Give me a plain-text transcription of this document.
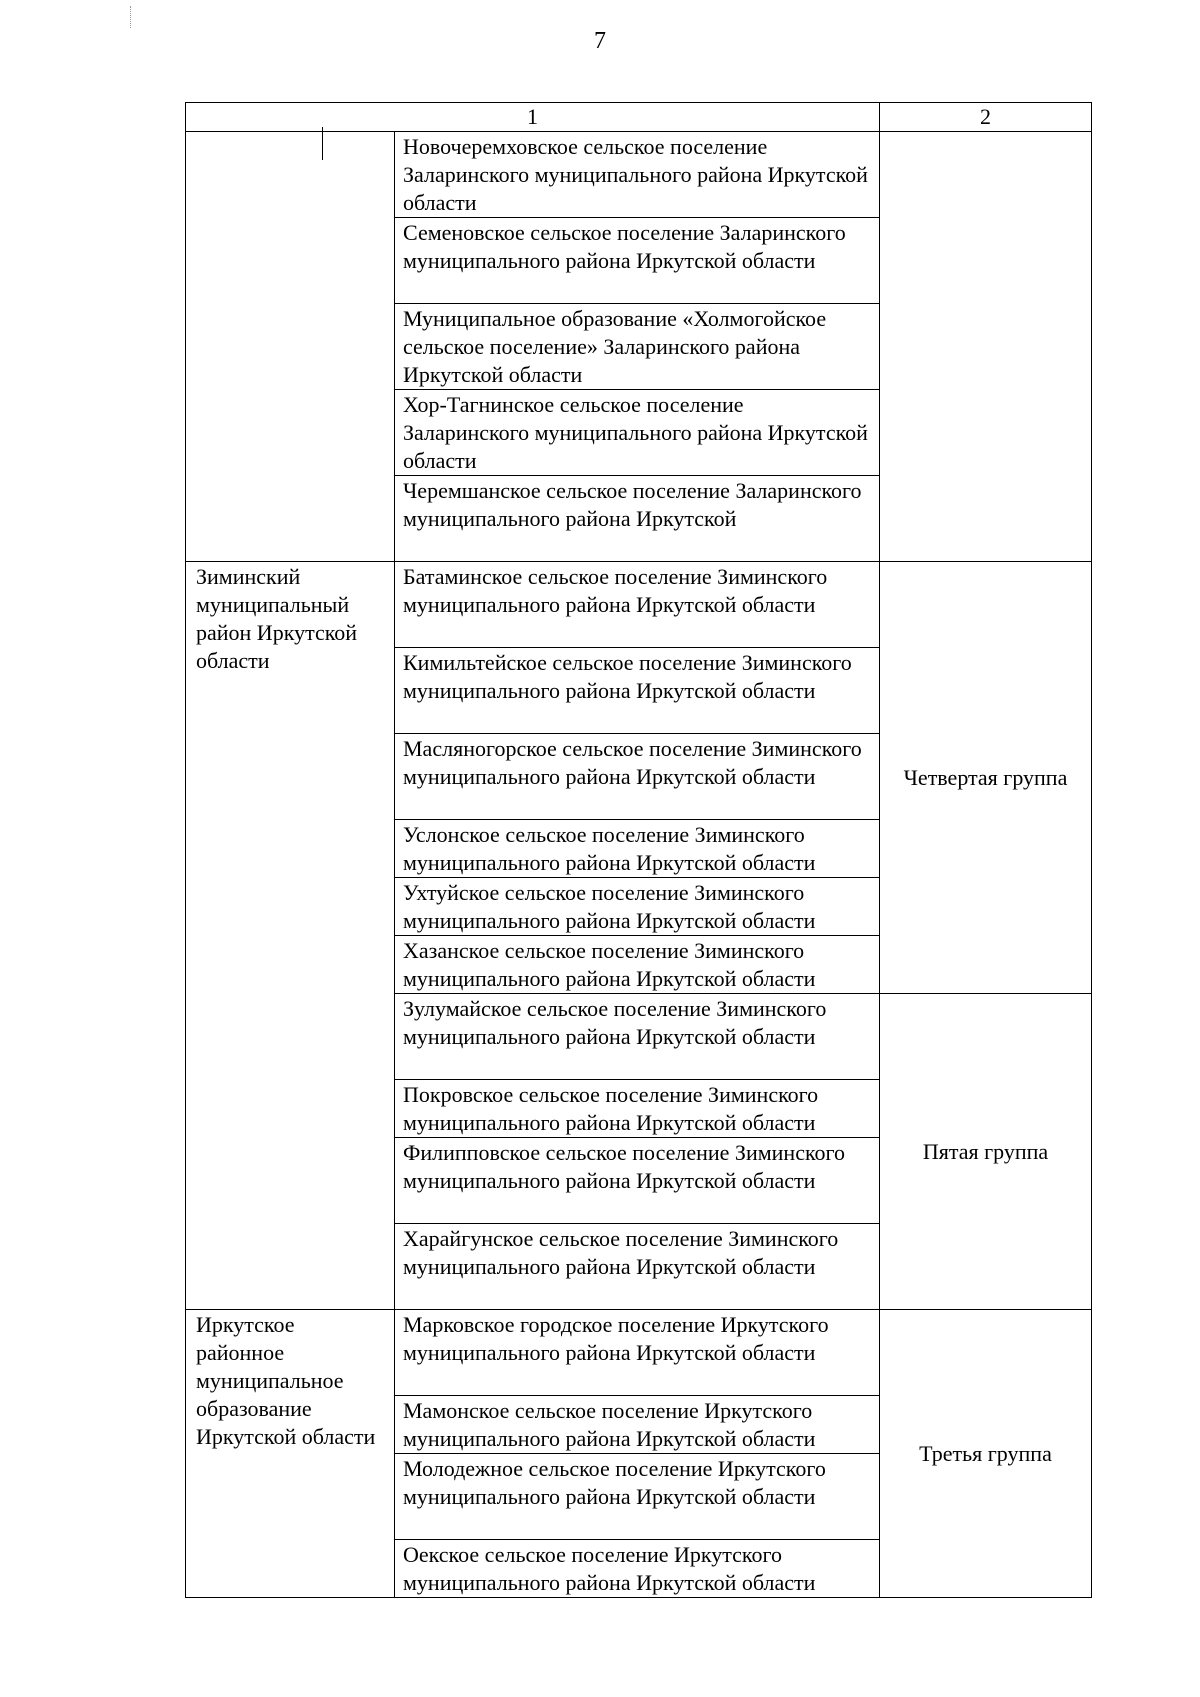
7
1		2
	Новочеремховское сельское поселение Заларинского муниципального района Иркутской области	
	Семеновское сельское поселение Заларинского муниципального района Иркутской области	
	Муниципальное образование «Холмогойское сельское поселение» Заларинского района Иркутской области	
	Хор-Тагнинское сельское поселение Заларинского муниципального района Иркутской области	
	Черемшанское сельское поселение Заларинского муниципального района Иркутской	
Зиминский муниципальный район Иркутской области	Батаминское сельское поселение Зиминского муниципального района Иркутской области	Четвертая группа
	Кимильтейское сельское поселение Зиминского муниципального района Иркутской области	
	Масляногорское сельское поселение Зиминского муниципального района Иркутской области	
	Услонское сельское поселение Зиминского муниципального района Иркутской области	
	Ухтуйское сельское поселение Зиминского муниципального района Иркутской области	
	Хазанское сельское поселение Зиминского муниципального района Иркутской области	
	Зулумайское сельское поселение Зиминского муниципального района Иркутской области	Пятая группа
	Покровское сельское поселение Зиминского муниципального района Иркутской области	
	Филипповское сельское поселение Зиминского муниципального района Иркутской области	
	Харайгунское сельское поселение Зиминского муниципального района Иркутской области	
Иркутское районное муниципальное образование Иркутской области	Марковское городское поселение Иркутского муниципального района Иркутской области	Третья группа
	Мамонское сельское поселение Иркутского муниципального района Иркутской области	
	Молодежное сельское поселение Иркутского муниципального района Иркутской области	
	Оекское сельское поселение Иркутского муниципального района Иркутской области	
